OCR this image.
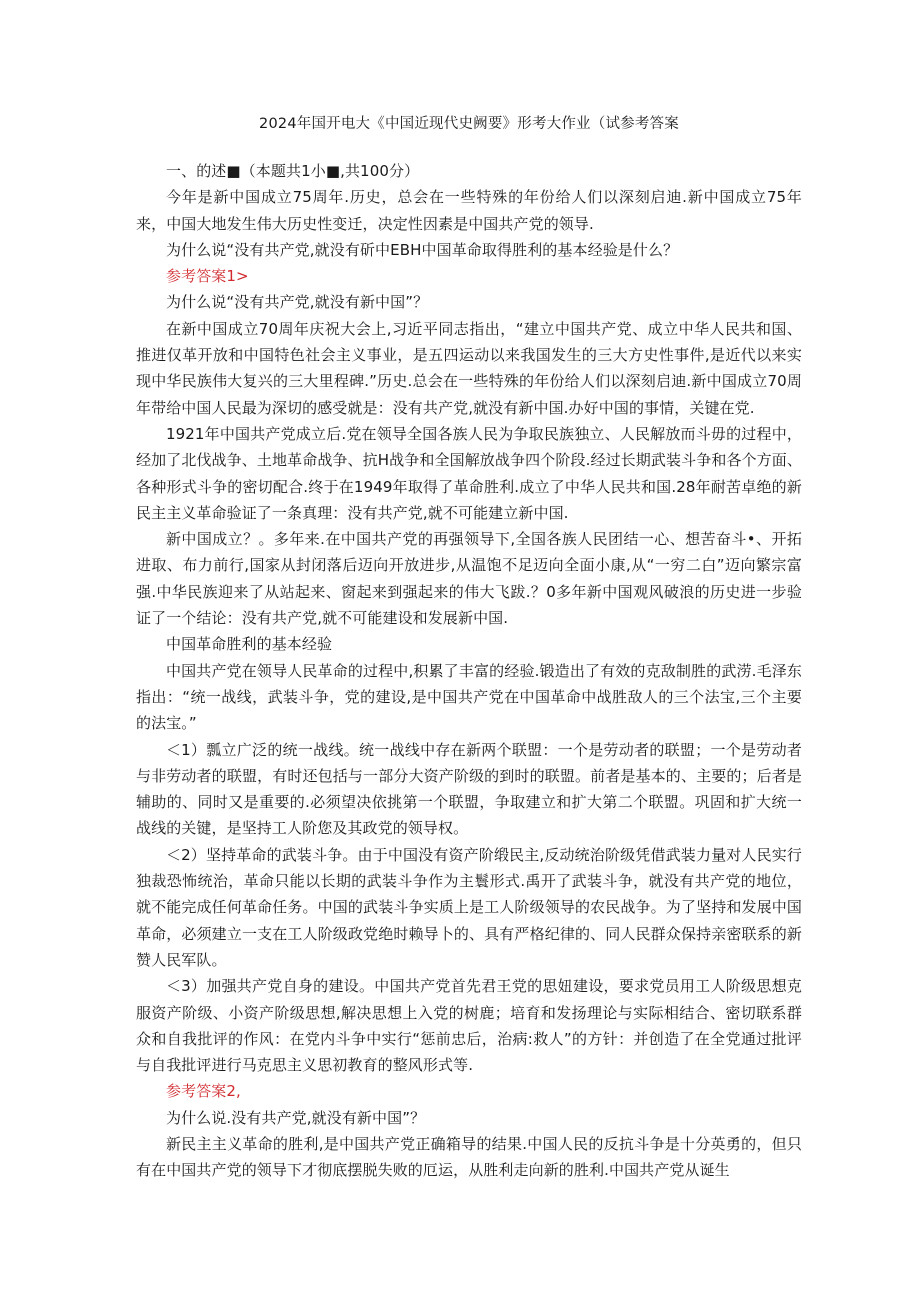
2024年国开电大《中国近现代史阙要》形考大作业（试参考答案

一、的述■（本题共1小■,共100分）

今年是新中国成立75周年.历史，总会在一些特殊的年份给人们以深刻启迪.新中国成立75年来，中国大地发生伟大历史性变迁，决定性因素是中国共产党的领导.

为什么说“没有共产党,就没有斫中EBH中国革命取得胜利的基本经验是什么？

参考答案1>

为什么说“没有共产党,就没有新中国”？

在新中国成立70周年庆祝大会上,习近平同志指出，“建立中国共产党、成立中华人民共和国、推进仅革开放和中国特色社会主义事业，是五四运动以来我国发生的三大方史性事件,是近代以来实现中华民族伟大复兴的三大里程碑.”历史.总会在一些特殊的年份给人们以深刻启迪.新中国成立70周年带给中国人民最为深切的感受就是：没有共产党,就没有新中国.办好中国的事情，关键在党.

1921年中国共产党成立后.党在领导全国各族人民为争取民族独立、人民解放而斗毋的过程中，经加了北伐战争、土地革命战争、抗H战争和全国解放战争四个阶段.经过长期武装斗争和各个方面、各种形式斗争的密切配合.终于在1949年取得了革命胜利.成立了中华人民共和国.28年耐苦卓绝的新民主主义革命验证了一条真理：没有共产党,就不可能建立新中国.

新中国成立？。多年来.在中国共产党的再强领导下,全国各族人民团结一心、想苦奋斗•、开拓进取、布力前行,国家从封闭落后迈向开放进步,从温饱不足迈向全面小康,从“一穷二白”迈向繁宗富强.中华民族迎来了从站起来、窗起来到强起来的伟大飞跋.？0多年新中国观风破浪的历史进一步验证了一个结论：没有共产党,就不可能建设和发展新中国.

中国革命胜利的基本经验

中国共产党在领导人民革命的过程中,积累了丰富的经验.锻造出了有效的克敌制胜的武涝.毛泽东指出：“统一战线，武装斗争，党的建设,是中国共产党在中国革命中战胜敌人的三个法宝,三个主要的法宝。”

＜1）瓢立广泛的统一战线。统一战线中存在新两个联盟：一个是劳动者的联盟；一个是劳动者与非劳动者的联盟，有时还包括与一部分大资产阶级的到时的联盟。前者是基本的、主要的；后者是辅助的、同时又是重要的.必须望决依挑第一个联盟，争取建立和扩大第二个联盟。巩固和扩大统一战线的关键，是坚持工人阶您及其政党的领导权。

＜2）坚持革命的武装斗争。由于中国没有资产阶缎民主,反动统治阶级凭借武装力量对人民实行独裁恐怖统治，革命只能以长期的武装斗争作为主鬟形式.禹开了武装斗争，就没有共产党的地位，就不能完成任何革命任务。中国的武装斗争实质上是工人阶级领导的农民战争。为了坚持和发展中国革命，必须建立一支在工人阶级政党绝时赖导卜的、具有严格纪律的、同人民群众保持亲密联系的新赞人民军队。

＜3）加强共产党自身的建设。中国共产党首先君王党的思妞建设，要求党员用工人阶级思想克服资产阶级、小资产阶级思想,解决思想上入党的树鹿；培育和发扬理论与实际相结合、密切联系群众和自我批评的作风：在党内斗争中实行“惩前忠后，治病:救人”的方针：并创造了在全党通过批评与自我批评进行马克思主义思初教育的整风形式等.

参考答案2,

为什么说.没有共产党,就没有新中国”？

新民主主义革命的胜利,是中国共产党正确箱导的结果.中国人民的反抗斗争是十分英勇的，但只有在中国共产党的领导下才彻底摆脱失败的厄运，从胜利走向新的胜利.中国共产党从诞生
